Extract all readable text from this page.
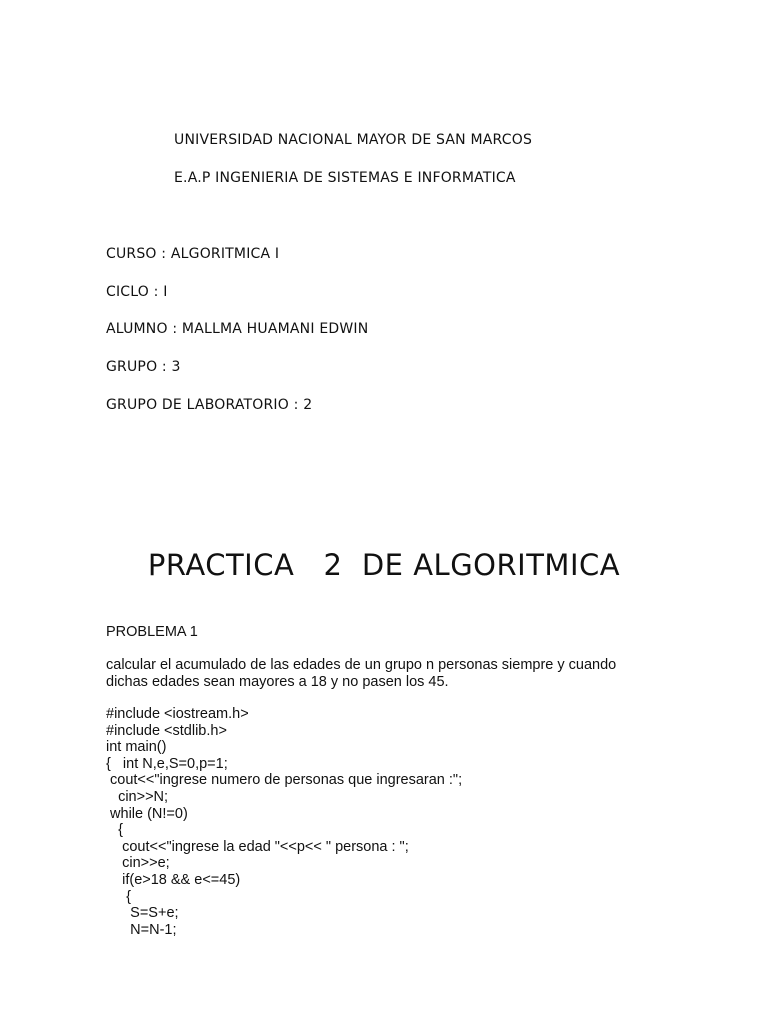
UNIVERSIDAD NACIONAL MAYOR DE SAN MARCOS
E.A.P INGENIERIA DE SISTEMAS E INFORMATICA
CURSO : ALGORITMICA I
CICLO : I
ALUMNO : MALLMA HUAMANI EDWIN
GRUPO : 3
GRUPO DE LABORATORIO : 2
PRACTICA   2  DE ALGORITMICA
PROBLEMA 1
calcular el acumulado de las edades de un grupo n personas siempre y cuando
dichas edades sean mayores a 18 y no pasen los 45.
#include <iostream.h>
#include <stdlib.h>
int main()
{   int N,e,S=0,p=1;
cout<<"ingrese numero de personas que ingresaran :";
cin>>N;
while (N!=0)
{
cout<<"ingrese la edad "<<p<< " persona : ";
cin>>e;
if(e>18 && e<=45)
{
S=S+e;
N=N-1;
